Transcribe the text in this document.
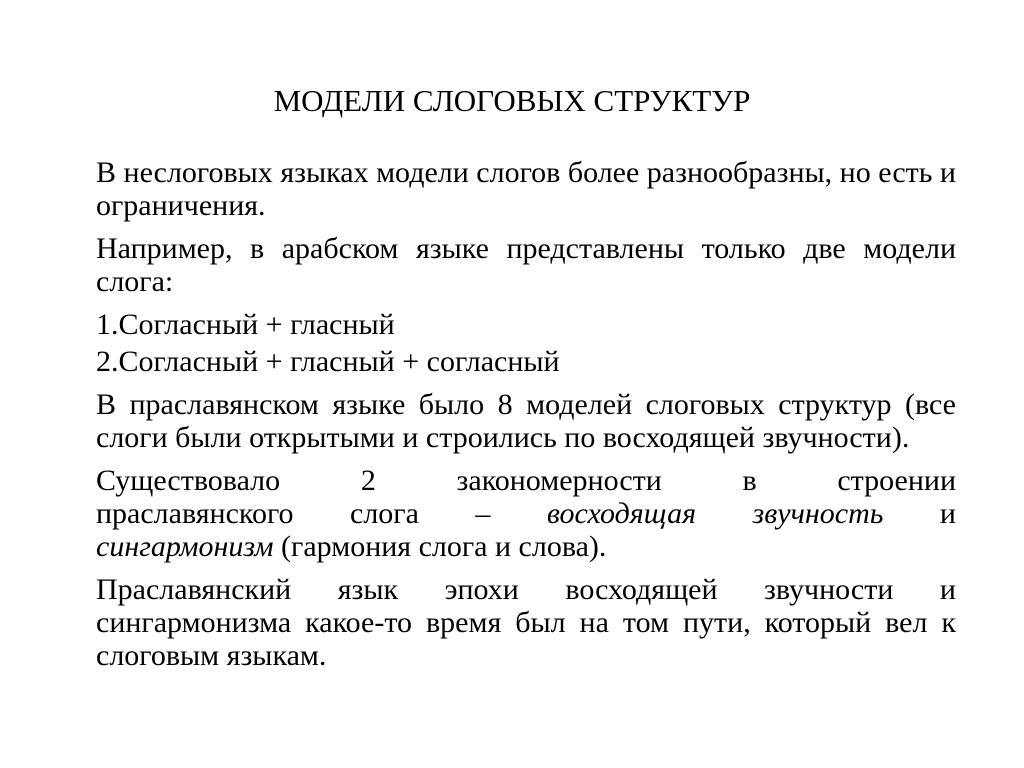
МОДЕЛИ СЛОГОВЫХ СТРУКТУР

В неслоговых языках модели слогов более разнообразны, но есть и ограничения.

Например, в арабском языке представлены только две модели слога:

1.Согласный + гласный

2.Согласный + гласный + согласный

В праславянском языке было 8 моделей слоговых структур (все слоги были открытыми и строились по восходящей звучности).

Существовало 2 закономерности в строении
праславянского слога – восходящая звучность и
сингармонизм (гармония слога и слова).

Праславянский язык эпохи восходящей звучности и сингармонизма какое-то время был на том пути, который вел к слоговым языкам.
